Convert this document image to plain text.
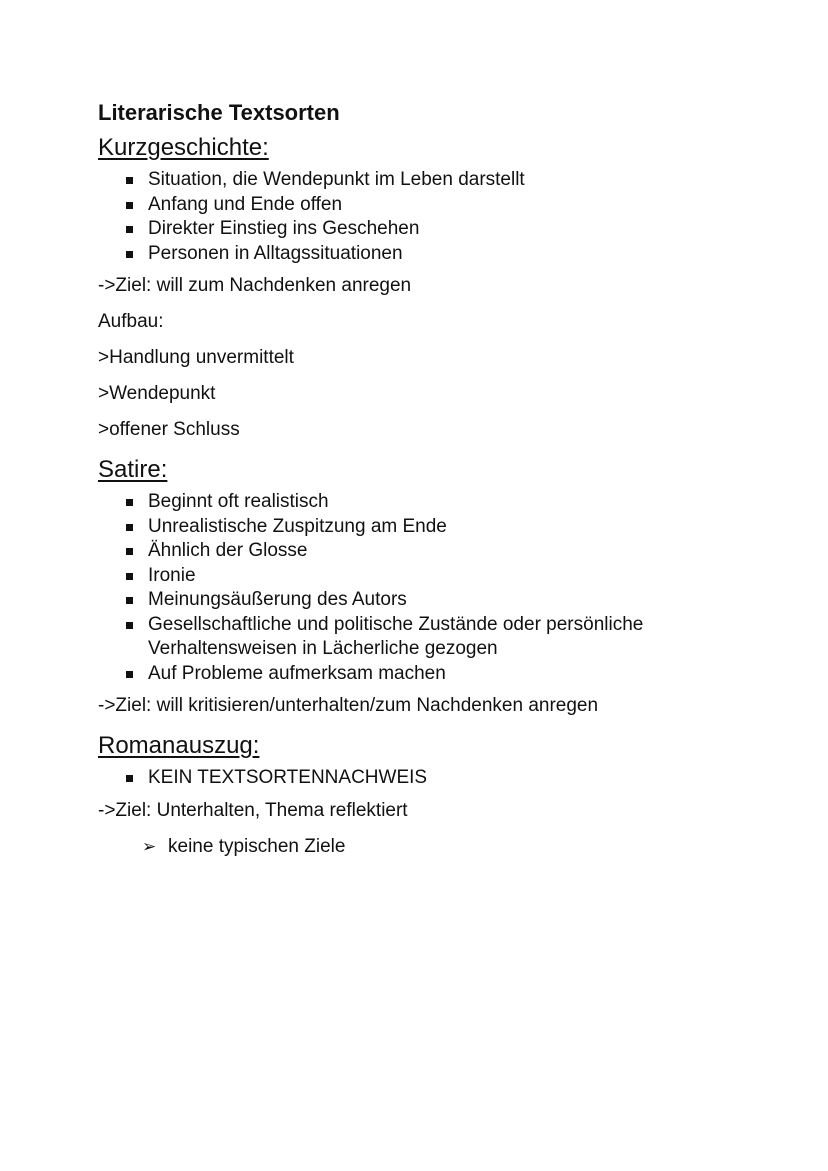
Literarische Textsorten
Kurzgeschichte:
Situation, die Wendepunkt im Leben darstellt
Anfang und Ende offen
Direkter Einstieg ins Geschehen
Personen in Alltagssituationen

->Ziel: will zum Nachdenken anregen

Aufbau:

>Handlung unvermittelt

>Wendepunkt

>offener Schluss

Satire:
Beginnt oft realistisch
Unrealistische Zuspitzung am Ende
Ähnlich der Glosse
Ironie
Meinungsäußerung des Autors
Gesellschaftliche und politische Zustände oder persönliche Verhaltensweisen in Lächerliche gezogen
Auf Probleme aufmerksam machen

->Ziel: will kritisieren/unterhalten/zum Nachdenken anregen

Romanauszug:
KEIN TEXTSORTENNACHWEIS

->Ziel: Unterhalten, Thema reflektiert

➢ keine typischen Ziele
